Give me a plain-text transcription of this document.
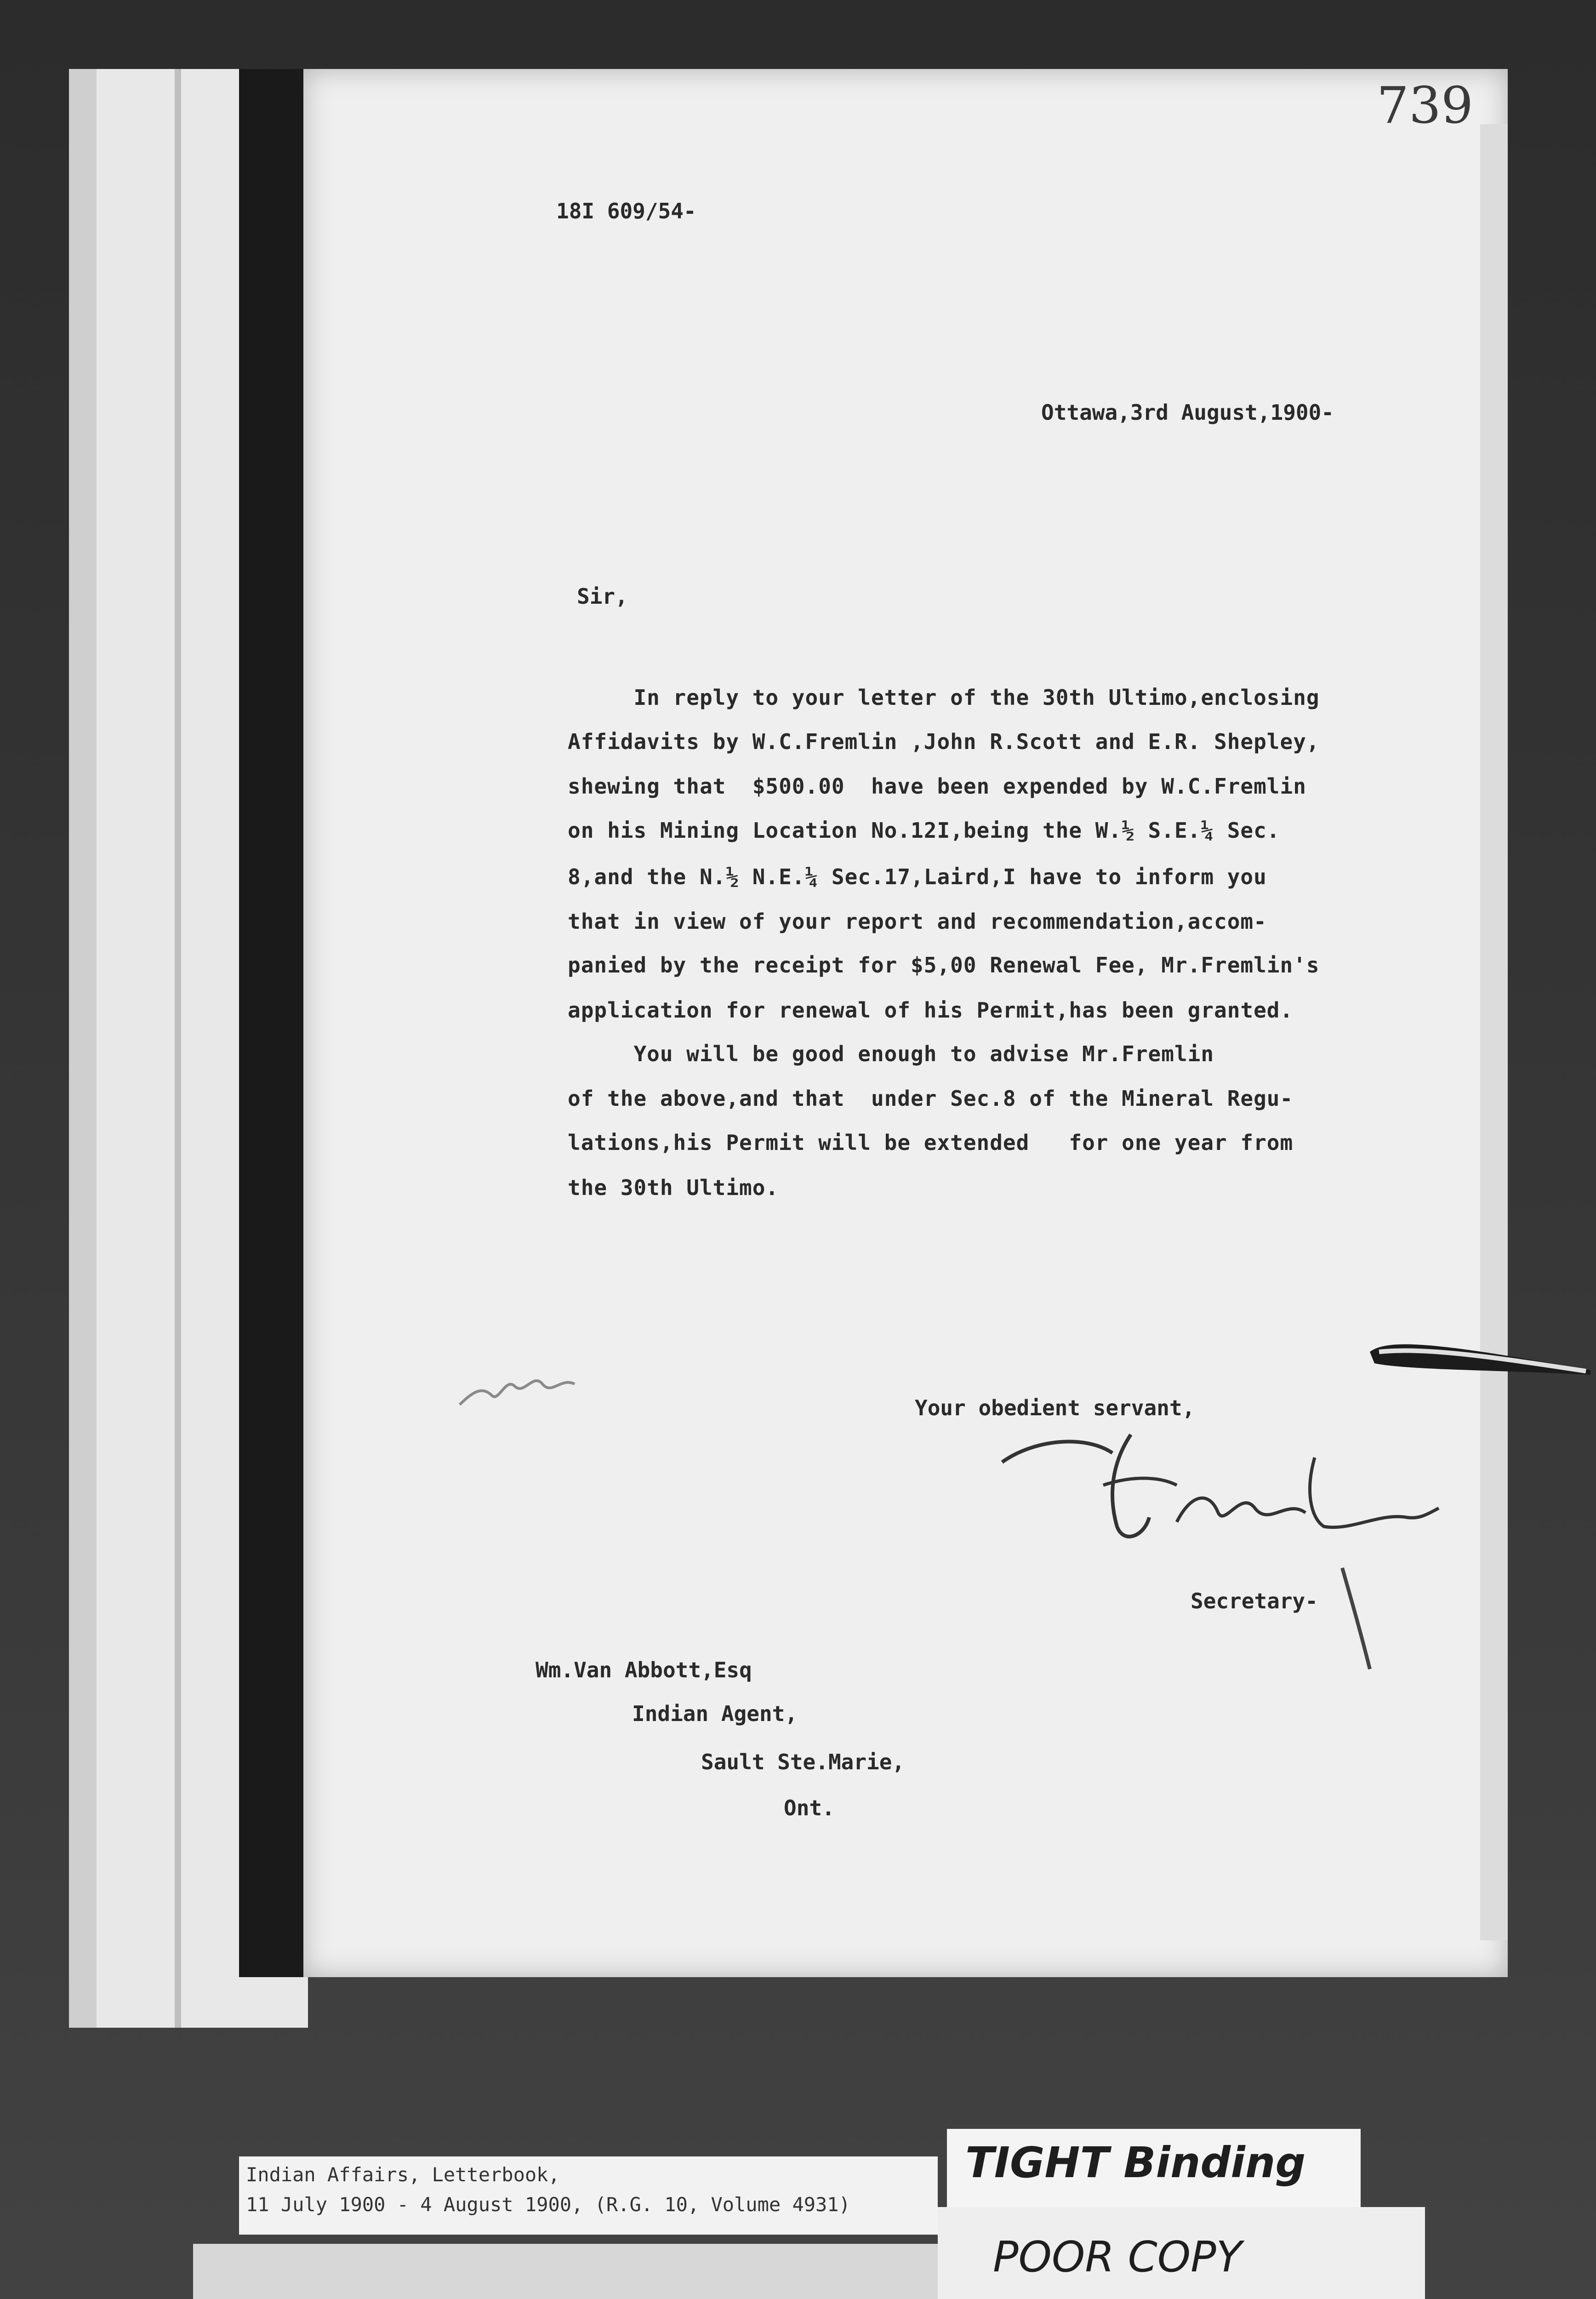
739
18I 609/54-
Ottawa,3rd August,1900-
Sir,
In reply to your letter of the 30th Ultimo,enclosing
Affidavits by W.C.Fremlin ,John R.Scott and E.R. Shepley,
shewing that  $500.00  have been expended by W.C.Fremlin
on his Mining Location No.12I,being the W.½ S.E.¼ Sec.
8,and the N.½ N.E.¼ Sec.17,Laird,I have to inform you
that in view of your report and recommendation,accom-
panied by the receipt for $5,00 Renewal Fee, Mr.Fremlin's
application for renewal of his Permit,has been granted.
You will be good enough to advise Mr.Fremlin
of the above,and that  under Sec.8 of the Mineral Regu-
lations,his Permit will be extended   for one year from
the 30th Ultimo.
Your obedient servant,
Secretary-
Wm.Van Abbott,Esq
Indian Agent,
Sault Ste.Marie,
Ont.
Indian Affairs, Letterbook,
11 July 1900 - 4 August 1900, (R.G. 10, Volume 4931)
TIGHT Binding
POOR COPY
